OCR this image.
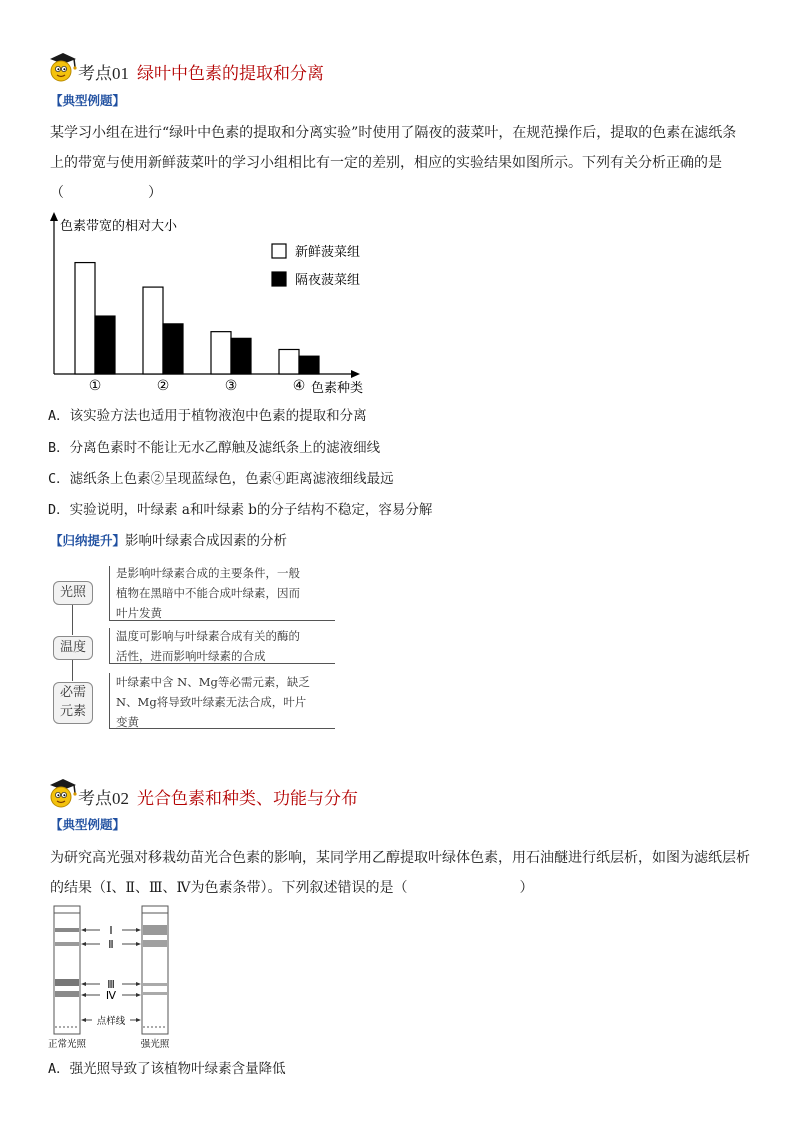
考点01 绿叶中色素的提取和分离
【典型例题】
某学习小组在进行“绿叶中色素的提取和分离实验”时使用了隔夜的菠菜叶，在规范操作后，提取的色素在滤纸条
上的带宽与使用新鲜菠菜叶的学习小组相比有一定的差别，相应的实验结果如图所示。下列有关分析正确的是
（　　　　　　）
色素带宽的相对大小
色素种类
新鲜菠菜组
隔夜菠菜组
①	②	③	④
A．该实验方法也适用于植物液泡中色素的提取和分离
B．分离色素时不能让无水乙醇触及滤纸条上的滤液细线
C．滤纸条上色素②呈现蓝绿色，色素④距离滤液细线最远
D．实验说明，叶绿素 a和叶绿素 b的分子结构不稳定，容易分解
【归纳提升】影响叶绿素合成因素的分析
光照
温度
必需
元素
是影响叶绿素合成的主要条件，一般
植物在黑暗中不能合成叶绿素，因而
叶片发黄
温度可影响与叶绿素合成有关的酶的
活性，进而影响叶绿素的合成
叶绿素中含 N、Mg等必需元素，缺乏
N、Mg将导致叶绿素无法合成，叶片
变黄
考点02 光合色素和种类、功能与分布
【典型例题】
为研究高光强对移栽幼苗光合色素的影响，某同学用乙醇提取叶绿体色素，用石油醚进行纸层析，如图为滤纸层析
的结果（Ⅰ、Ⅱ、Ⅲ、Ⅳ为色素条带）。下列叙述错误的是（　　　　　　　　）
Ⅰ
Ⅱ
Ⅲ
Ⅳ
点样线
正常光照	强光照
A．强光照导致了该植物叶绿素含量降低
